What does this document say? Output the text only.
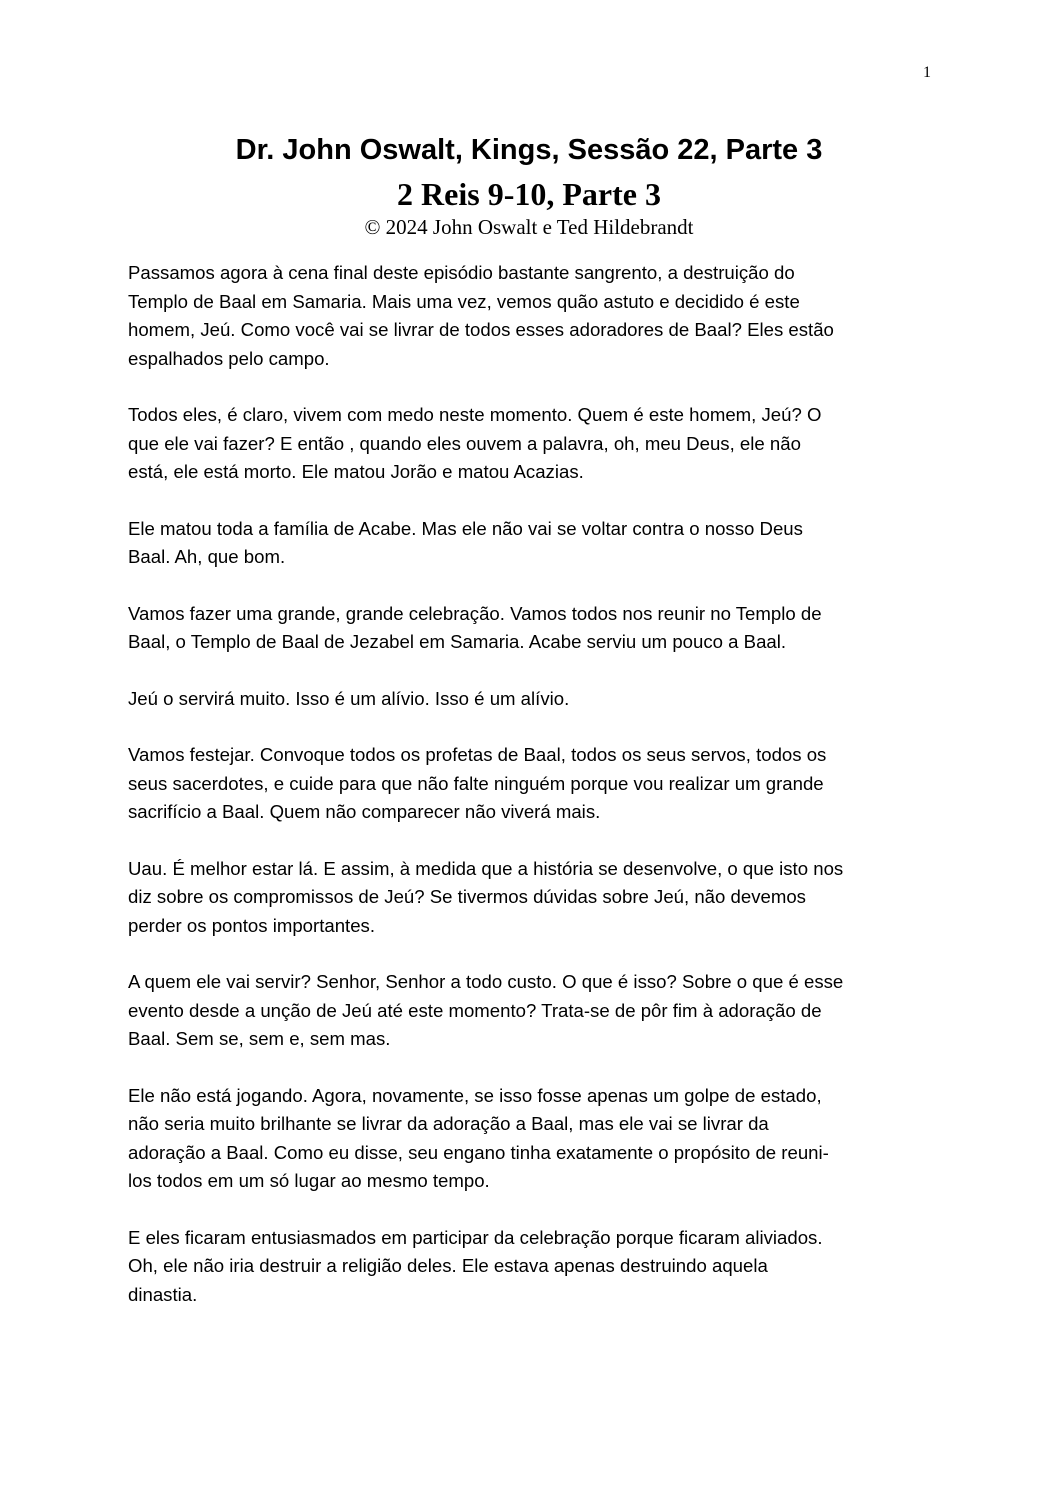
1
Dr. John Oswalt, Kings, Sessão 22, Parte 3
2 Reis 9-10, Parte 3
© 2024 John Oswalt e Ted Hildebrandt

Passamos agora à cena final deste episódio bastante sangrento, a destruição do
Templo de Baal em Samaria. Mais uma vez, vemos quão astuto e decidido é este
homem, Jeú. Como você vai se livrar de todos esses adoradores de Baal? Eles estão
espalhados pelo campo.

Todos eles, é claro, vivem com medo neste momento. Quem é este homem, Jeú? O
que ele vai fazer? E então , quando eles ouvem a palavra, oh, meu Deus, ele não
está, ele está morto. Ele matou Jorão e matou Acazias.

Ele matou toda a família de Acabe. Mas ele não vai se voltar contra o nosso Deus
Baal. Ah, que bom.

Vamos fazer uma grande, grande celebração. Vamos todos nos reunir no Templo de
Baal, o Templo de Baal de Jezabel em Samaria. Acabe serviu um pouco a Baal.

Jeú o servirá muito. Isso é um alívio. Isso é um alívio.

Vamos festejar. Convoque todos os profetas de Baal, todos os seus servos, todos os
seus sacerdotes, e cuide para que não falte ninguém porque vou realizar um grande
sacrifício a Baal. Quem não comparecer não viverá mais.

Uau. É melhor estar lá. E assim, à medida que a história se desenvolve, o que isto nos
diz sobre os compromissos de Jeú? Se tivermos dúvidas sobre Jeú, não devemos
perder os pontos importantes.

A quem ele vai servir? Senhor, Senhor a todo custo. O que é isso? Sobre o que é esse
evento desde a unção de Jeú até este momento? Trata-se de pôr fim à adoração de
Baal. Sem se, sem e, sem mas.

Ele não está jogando. Agora, novamente, se isso fosse apenas um golpe de estado,
não seria muito brilhante se livrar da adoração a Baal, mas ele vai se livrar da
adoração a Baal. Como eu disse, seu engano tinha exatamente o propósito de reuni-
los todos em um só lugar ao mesmo tempo.

E eles ficaram entusiasmados em participar da celebração porque ficaram aliviados.
Oh, ele não iria destruir a religião deles. Ele estava apenas destruindo aquela
dinastia.
